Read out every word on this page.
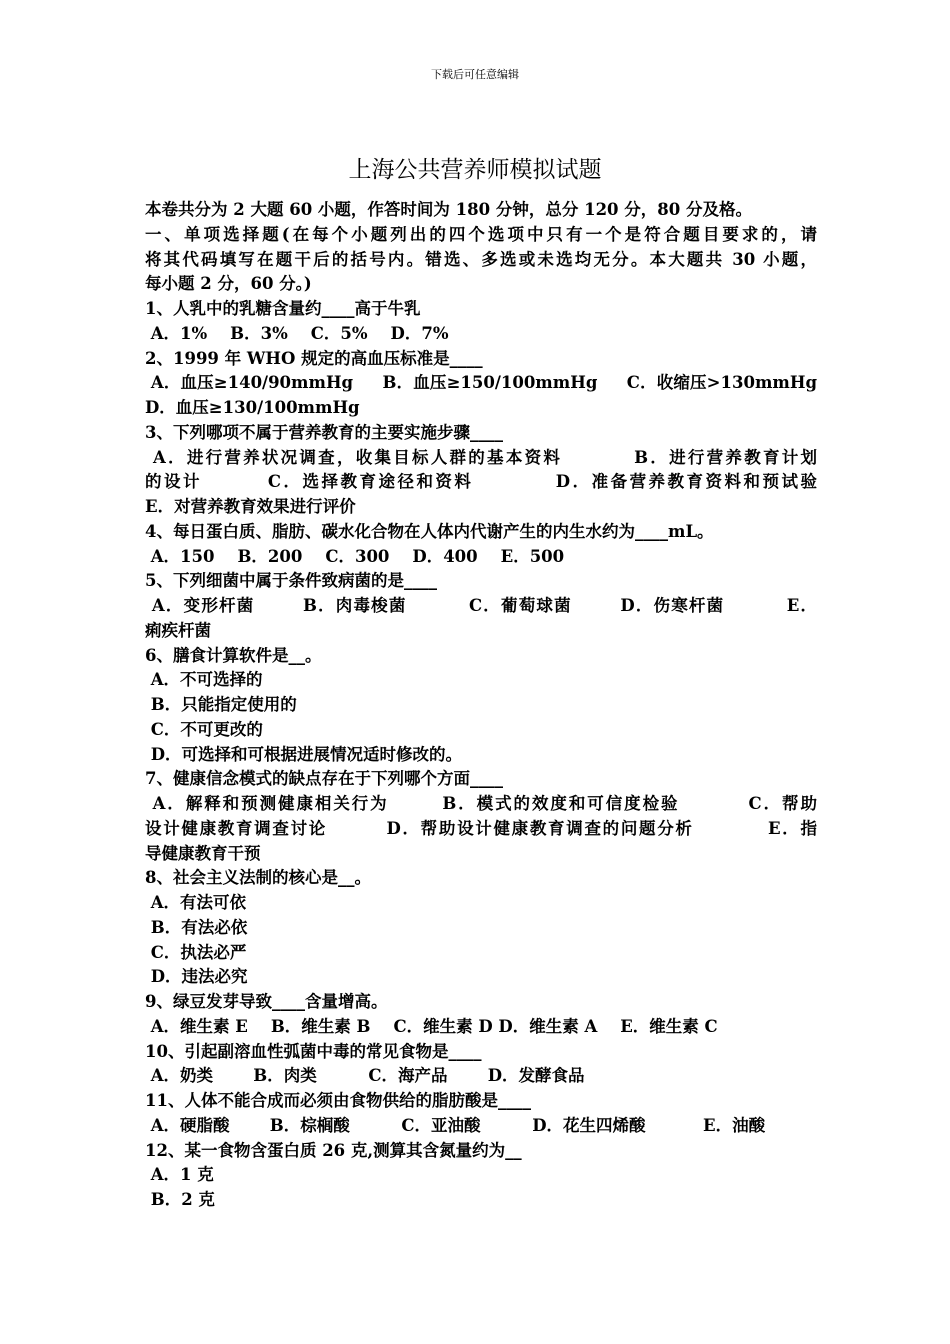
下载后可任意编辑
上海公共营养师模拟试题
本卷共分为 2 大题 60 小题，作答时间为 180 分钟，总分 120 分，80 分及格。
一、单项选择题(在每个小题列出的四个选项中只有一个是符合题目要求的，请
将其代码填写在题干后的括号内。错选、多选或未选均无分。本大题共 30 小题，
每小题 2 分，60 分。)
1、人乳中的乳糖含量约____高于牛乳
A．1%    B．3%    C．5%    D．7%
2、1999 年 WHO 规定的高血压标准是____
A．血压≥140/90mmHg     B．血压≥150/100mmHg     C．收缩压>130mmHg
D．血压≥130/100mmHg
3、下列哪项不属于营养教育的主要实施步骤____
A．进行营养状况调查，收集目标人群的基本资料         B．进行营养教育计划
的设计        C．选择教育途径和资料          D．准备营养教育资料和预试验
E．对营养教育效果进行评价
4、每日蛋白质、脂肪、碳水化合物在人体内代谢产生的内生水约为____mL。
A．150    B．200    C．300    D．400    E．500
5、下列细菌中属于条件致病菌的是____
A．变形杆菌       B．肉毒梭菌         C．葡萄球菌       D．伤寒杆菌         E．
痢疾杆菌
6、膳食计算软件是__。
A．不可选择的
B．只能指定使用的
C．不可更改的
D．可选择和可根据进展情况适时修改的。
7、健康信念模式的缺点存在于下列哪个方面____
A．解释和预测健康相关行为       B．模式的效度和可信度检验         C．帮助
设计健康教育调查讨论        D．帮助设计健康教育调查的问题分析          E．指
导健康教育干预
8、社会主义法制的核心是__。
A．有法可依
B．有法必依
C．执法必严
D．违法必究
9、绿豆发芽导致____含量增高。
A．维生素 E    B．维生素 B    C．维生素 D D．维生素 A    E．维生素 C
10、引起副溶血性弧菌中毒的常见食物是____
A．奶类       B．肉类         C．海产品       D．发酵食品
11、人体不能合成而必须由食物供给的脂肪酸是____
A．硬脂酸       B．棕榈酸         C．亚油酸         D．花生四烯酸          E．油酸
12、某一食物含蛋白质 26 克,测算其含氮量约为__
A．1 克
B．2 克
